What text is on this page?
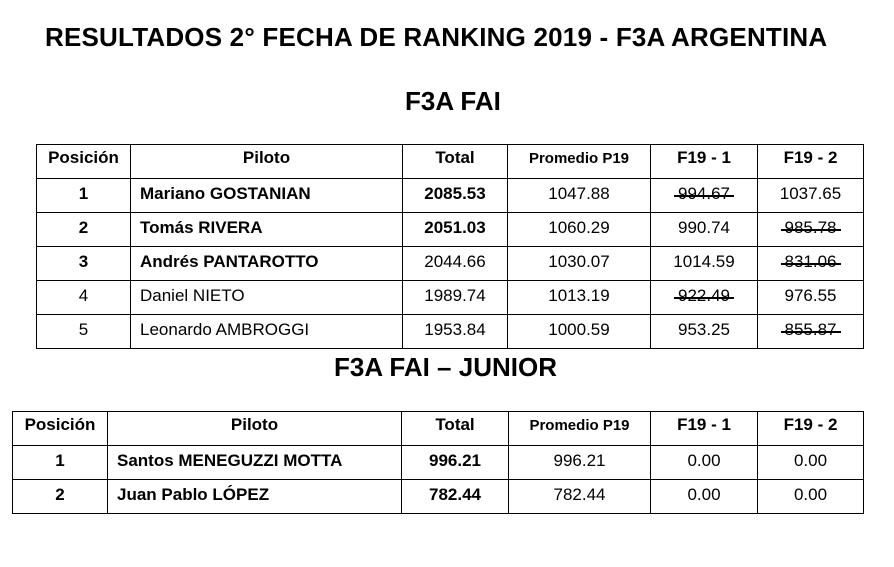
RESULTADOS 2° FECHA DE RANKING 2019 - F3A ARGENTINA
F3A FAI
Posición	Piloto	Total	Promedio P19	F19 - 1	F19 - 2
1	Mariano GOSTANIAN	2085.53	1047.88	994.67	1037.65
2	Tomás RIVERA	2051.03	1060.29	990.74	985.78
3	Andrés PANTAROTTO	2044.66	1030.07	1014.59	831.06
4	Daniel NIETO	1989.74	1013.19	922.49	976.55
5	Leonardo AMBROGGI	1953.84	1000.59	953.25	855.87
F3A FAI – JUNIOR
Posición	Piloto	Total	Promedio P19	F19 - 1	F19 - 2
1	Santos MENEGUZZI MOTTA	996.21	996.21	0.00	0.00
2	Juan Pablo LÓPEZ	782.44	782.44	0.00	0.00
